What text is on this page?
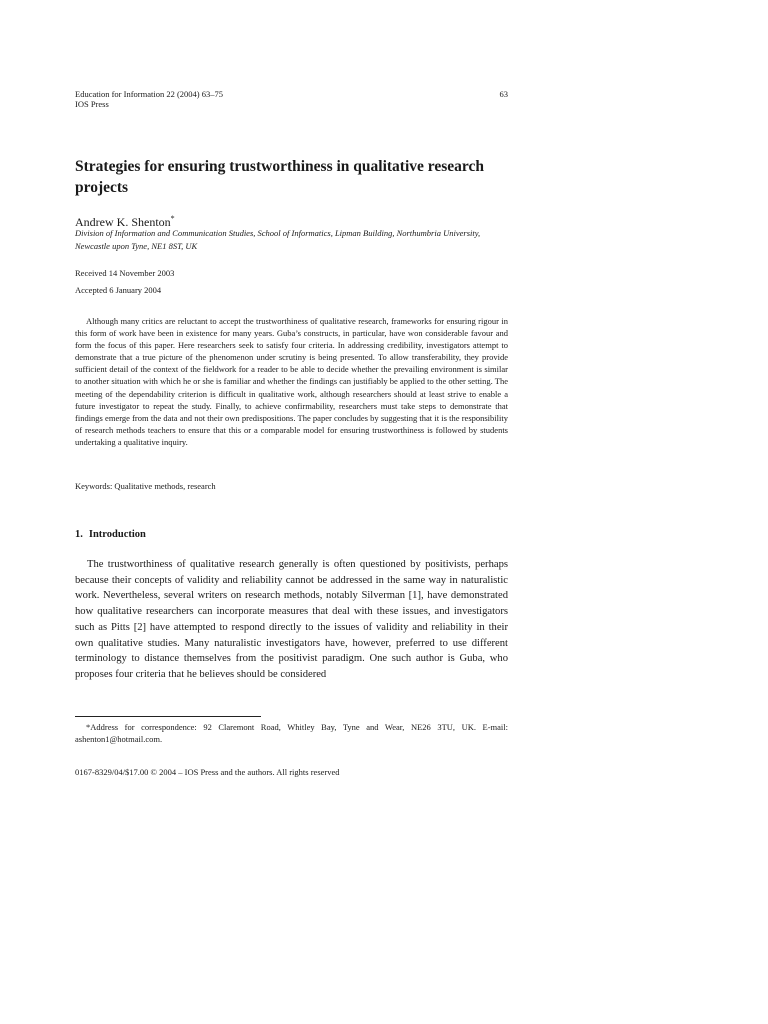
Education for Information 22 (2004) 63–75
IOS Press
63
Strategies for ensuring trustworthiness in qualitative research projects
Andrew K. Shenton*
Division of Information and Communication Studies, School of Informatics, Lipman Building, Northumbria University, Newcastle upon Tyne, NE1 8ST, UK
Received 14 November 2003
Accepted 6 January 2004

Although many critics are reluctant to accept the trustworthiness of qualitative research, frameworks for ensuring rigour in this form of work have been in existence for many years. Guba’s constructs, in particular, have won considerable favour and form the focus of this paper. Here researchers seek to satisfy four criteria. In addressing credibility, investigators attempt to demonstrate that a true picture of the phenomenon under scrutiny is being presented. To allow transferability, they provide sufficient detail of the context of the fieldwork for a reader to be able to decide whether the prevailing environment is similar to another situation with which he or she is familiar and whether the findings can justifiably be applied to the other setting. The meeting of the dependability criterion is difficult in qualitative work, although researchers should at least strive to enable a future investigator to repeat the study. Finally, to achieve confirmability, researchers must take steps to demonstrate that findings emerge from the data and not their own predispositions. The paper concludes by suggesting that it is the responsibility of research methods teachers to ensure that this or a comparable model for ensuring trustworthiness is followed by students undertaking a qualitative inquiry.

Keywords: Qualitative methods, research
1. Introduction

The trustworthiness of qualitative research generally is often questioned by positivists, perhaps because their concepts of validity and reliability cannot be addressed in the same way in naturalistic work. Nevertheless, several writers on research methods, notably Silverman [1], have demonstrated how qualitative researchers can incorporate measures that deal with these issues, and investigators such as Pitts [2] have attempted to respond directly to the issues of validity and reliability in their own qualitative studies. Many naturalistic investigators have, however, preferred to use different terminology to distance themselves from the positivist paradigm. One such author is Guba, who proposes four criteria that he believes should be considered

*Address for correspondence: 92 Claremont Road, Whitley Bay, Tyne and Wear, NE26 3TU, UK. E-mail: ashenton1@hotmail.com.

0167-8329/04/$17.00 © 2004 – IOS Press and the authors. All rights reserved
